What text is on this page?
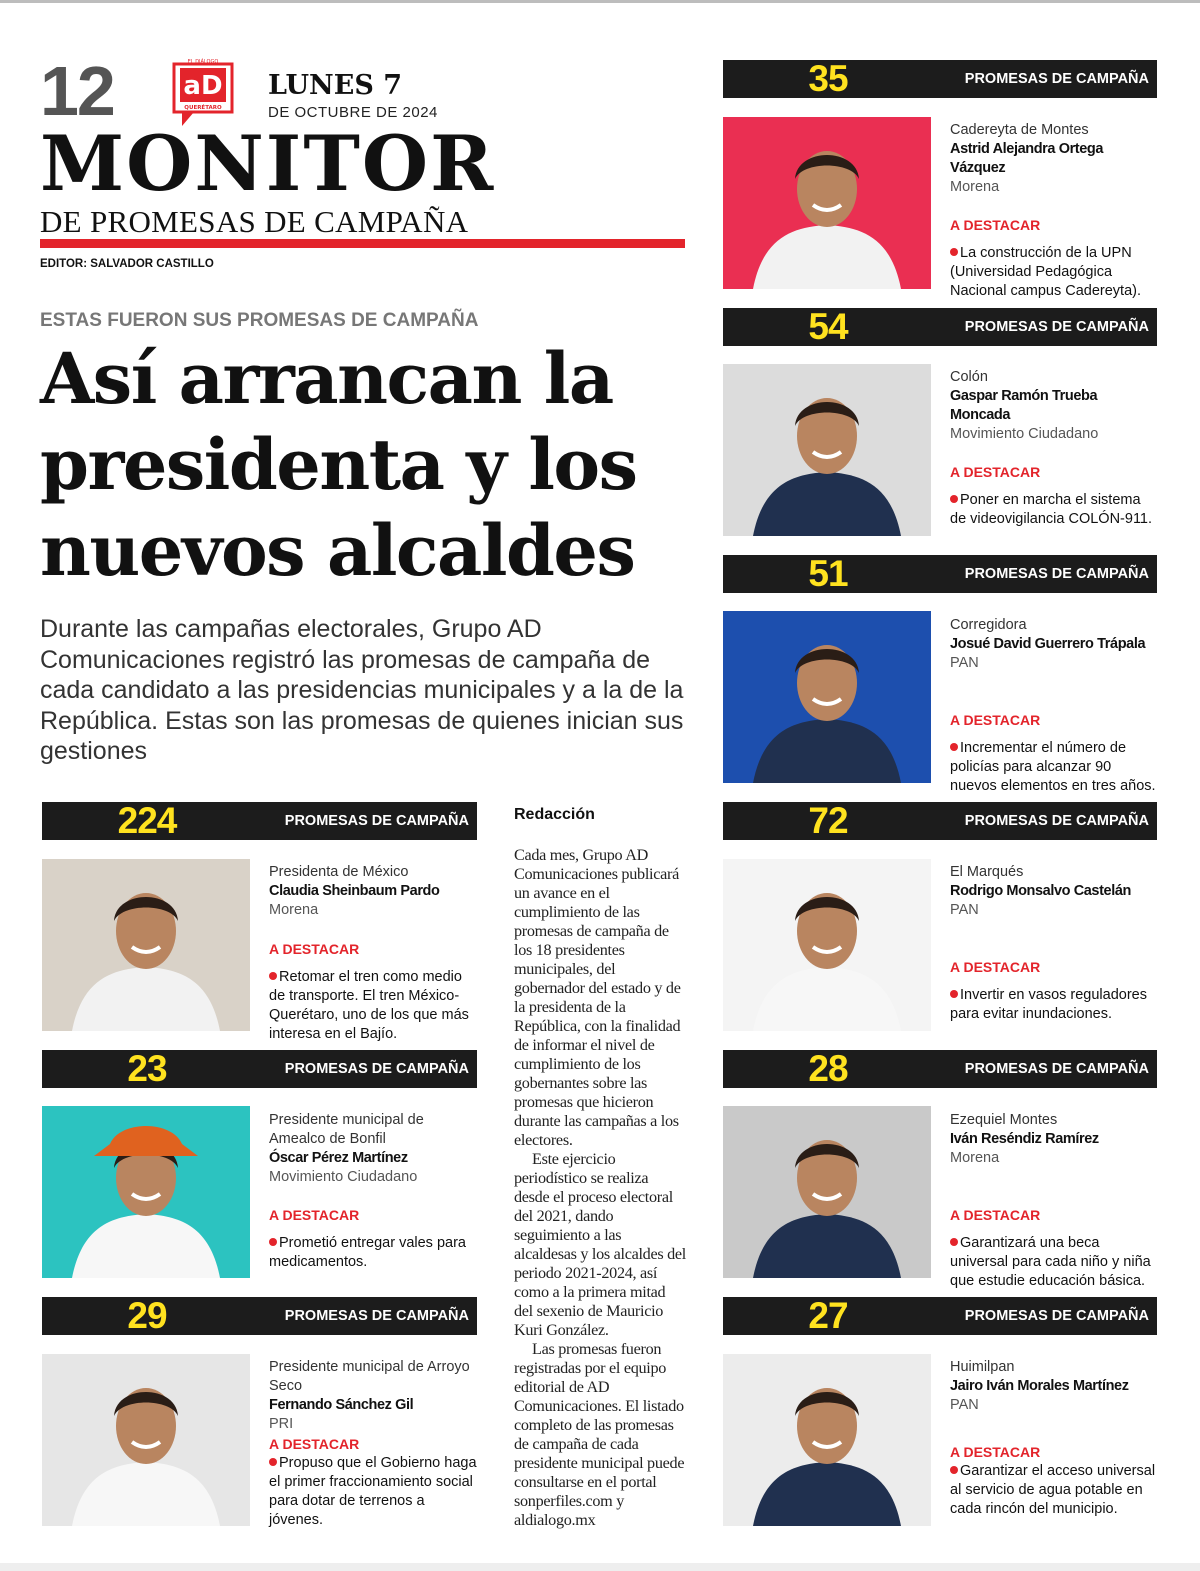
12	aD
EL DIÁLOGO
QUERÉTARO
LUNES 7
DE OCTUBRE DE 2024
MONITOR
DE PROMESAS DE CAMPAÑA
EDITOR: SALVADOR CASTILLO
ESTAS FUERON SUS PROMESAS DE CAMPAÑA
Así arrancan la presidenta y los nuevos alcaldes
Durante las campañas electorales, Grupo AD Comunicaciones registró las promesas de campaña de cada candidato a las presidencias municipales y a la de la República. Estas son las promesas de quienes inician sus gestiones
Redacción

Cada mes, Grupo AD Comunicaciones publicará un avance en el cumplimiento de las promesas de campaña de los 18 presidentes municipales, del gobernador del estado y de la presidenta de la República, con la finalidad de informar el nivel de cumplimiento de los gobernantes sobre las promesas que hicieron durante las campañas a los electores.

Este ejercicio periodístico se realiza desde el proceso electoral del 2021, dando seguimiento a las alcaldesas y los alcaldes del periodo 2021-2024, así como a la primera mitad del sexenio de Mauricio Kuri González.

Las promesas fueron registradas por el equipo editorial de AD Comunicaciones. El listado completo de las promesas de campaña de cada presidente municipal puede consultarse en el portal sonperfiles.com y aldialogo.mx

224	PROMESAS DE CAMPAÑA
Presidenta de México
Claudia Sheinbaum Pardo
Morena
A DESTACAR
Retomar el tren como medio de transporte. El tren México-Querétaro, uno de los que más interesa en el Bajío.
23	PROMESAS DE CAMPAÑA
Presidente municipal de Amealco de Bonfil
Óscar Pérez Martínez
Movimiento Ciudadano
A DESTACAR
Prometió entregar vales para medicamentos.
29	PROMESAS DE CAMPAÑA
Presidente municipal de Arroyo Seco
Fernando Sánchez Gil
PRI
A DESTACAR
Propuso que el Gobierno haga el primer fraccionamiento social para dotar de terrenos a jóvenes.
35	PROMESAS DE CAMPAÑA
Cadereyta de Montes
Astrid Alejandra Ortega Vázquez
Morena
A DESTACAR
La construcción de la UPN (Universidad Pedagógica Nacional campus Cadereyta).
54	PROMESAS DE CAMPAÑA
Colón
Gaspar Ramón Trueba Moncada
Movimiento Ciudadano
A DESTACAR
Poner en marcha el sistema de videovigilancia COLÓN-911.
51	PROMESAS DE CAMPAÑA
Corregidora
Josué David Guerrero Trápala
PAN
A DESTACAR
Incrementar el número de policías para alcanzar 90 nuevos elementos en tres años.
72	PROMESAS DE CAMPAÑA
El Marqués
Rodrigo Monsalvo Castelán
PAN
A DESTACAR
Invertir en vasos reguladores para evitar inundaciones.
28	PROMESAS DE CAMPAÑA
Ezequiel Montes
Iván Reséndiz Ramírez
Morena
A DESTACAR
Garantizará una beca universal para cada niño y niña que estudie educación básica.
27	PROMESAS DE CAMPAÑA
Huimilpan
Jairo Iván Morales Martínez
PAN
A DESTACAR
Garantizar el acceso universal al servicio de agua potable en cada rincón del municipio.
